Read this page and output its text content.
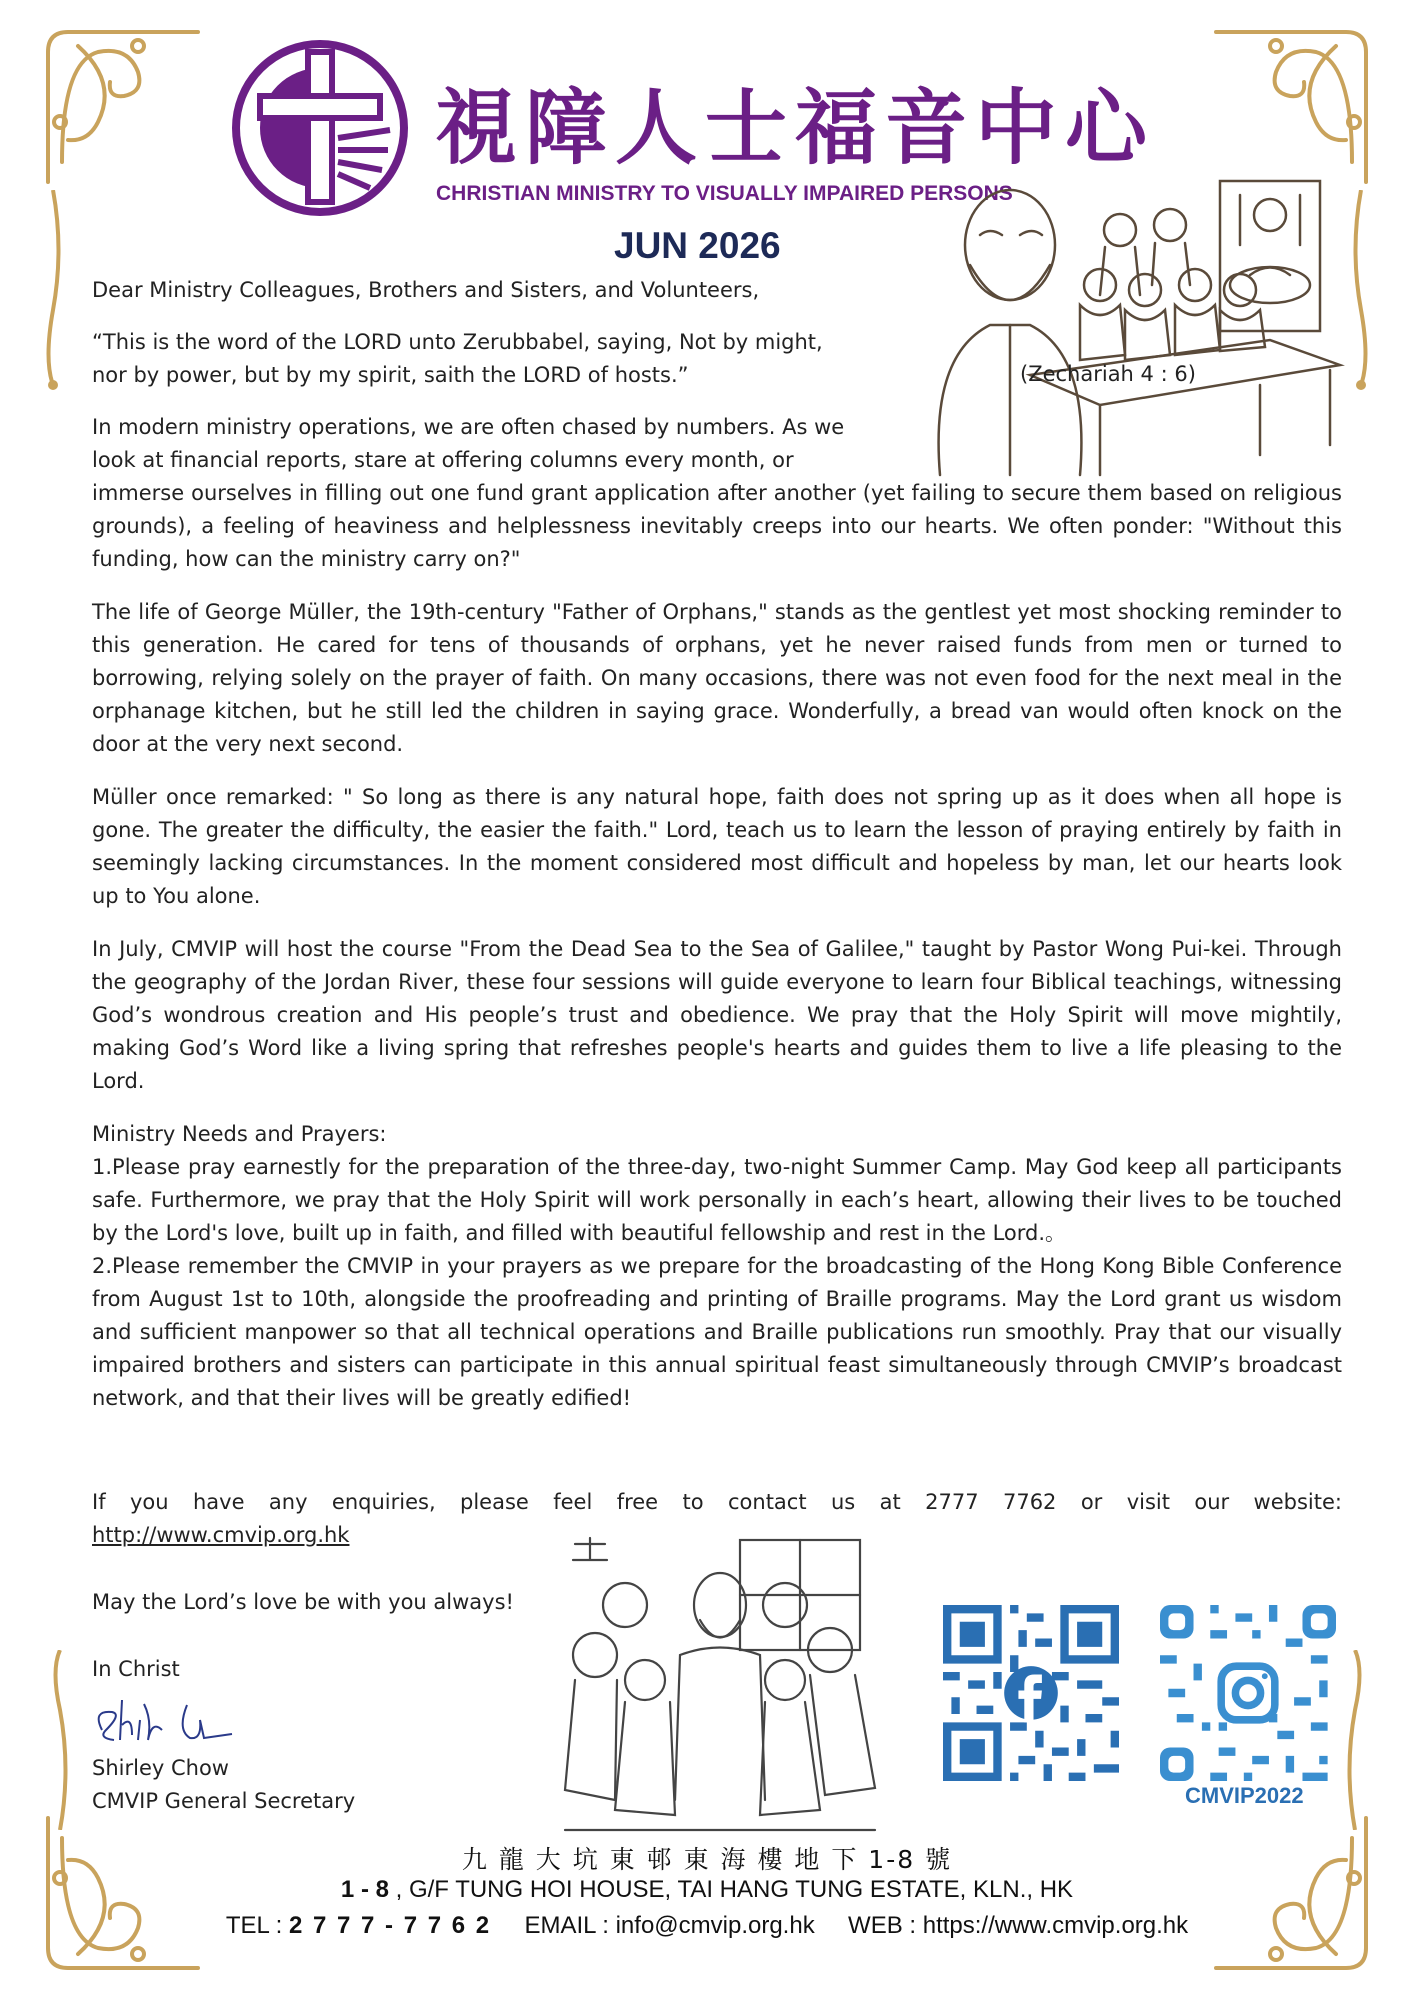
視障人士福音中心
CHRISTIAN MINISTRY TO VISUALLY IMPAIRED PERSONS
JUN 2026
Dear Ministry Colleagues, Brothers and Sisters, and Volunteers,

“This is the word of the LORD unto Zerubbabel, saying, Not by might,

nor by power, but by my spirit, saith the LORD of hosts.”	(Zechariah 4 : 6)

In modern ministry operations, we are often chased by numbers. As we

look at financial reports, stare at offering columns every month, or

immerse ourselves in filling out one fund grant application after another (yet failing to secure them based on religious grounds), a feeling of heaviness and helplessness inevitably creeps into our hearts. We often ponder: "Without this funding, how can the ministry carry on?"

The life of George Müller, the 19th-century "Father of Orphans," stands as the gentlest yet most shocking reminder to this generation. He cared for tens of thousands of orphans, yet he never raised funds from men or turned to borrowing, relying solely on the prayer of faith. On many occasions, there was not even food for the next meal in the orphanage kitchen, but he still led the children in saying grace. Wonderfully, a bread van would often knock on the door at the very next second.
Müller once remarked: " So long as there is any natural hope, faith does not spring up as it does when all hope is gone. The greater the difficulty, the easier the faith." Lord, teach us to learn the lesson of praying entirely by faith in seemingly lacking circumstances. In the moment considered most difficult and hopeless by man, let our hearts look up to You alone.
In July, CMVIP will host the course "From the Dead Sea to the Sea of Galilee," taught by Pastor Wong Pui-kei. Through the geography of the Jordan River, these four sessions will guide everyone to learn four Biblical teachings, witnessing God’s wondrous creation and His people’s trust and obedience. We pray that the Holy Spirit will move mightily, making God’s Word like a living spring that refreshes people's hearts and guides them to live a life pleasing to the Lord.

Ministry Needs and Prayers:

1.Please pray earnestly for the preparation of the three-day, two-night Summer Camp. May God keep all participants safe. Furthermore, we pray that the Holy Spirit will work personally in each’s heart, allowing their lives to be touched by the Lord's love, built up in faith, and filled with beautiful fellowship and rest in the Lord.。

2.Please remember the CMVIP in your prayers as we prepare for the broadcasting of the Hong Kong Bible Conference from August 1st to 10th, alongside the proofreading and printing of Braille programs. May the Lord grant us wisdom and sufficient manpower so that all technical operations and Braille publications run smoothly. Pray that our visually impaired brothers and sisters can participate in this annual spiritual feast simultaneously through CMVIP’s broadcast network, and that their lives will be greatly edified!

If you have any enquiries, please feel free to contact us at 2777 7762 or visit our website:
http://www.cmvip.org.hk
May the Lord’s love be with you always!
In Christ
Shirley Chow
CMVIP General Secretary	CMVIP2022
九 龍 大 坑 東 邨 東 海 樓 地 下 1-8 號
1 - 8 , G/F TUNG HOI HOUSE, TAI HANG TUNG ESTATE, KLN., HK
TEL : 2 7 7 7 - 7 7 6 2 EMAIL : info@cmvip.org.hk WEB : https://www.cmvip.org.hk
